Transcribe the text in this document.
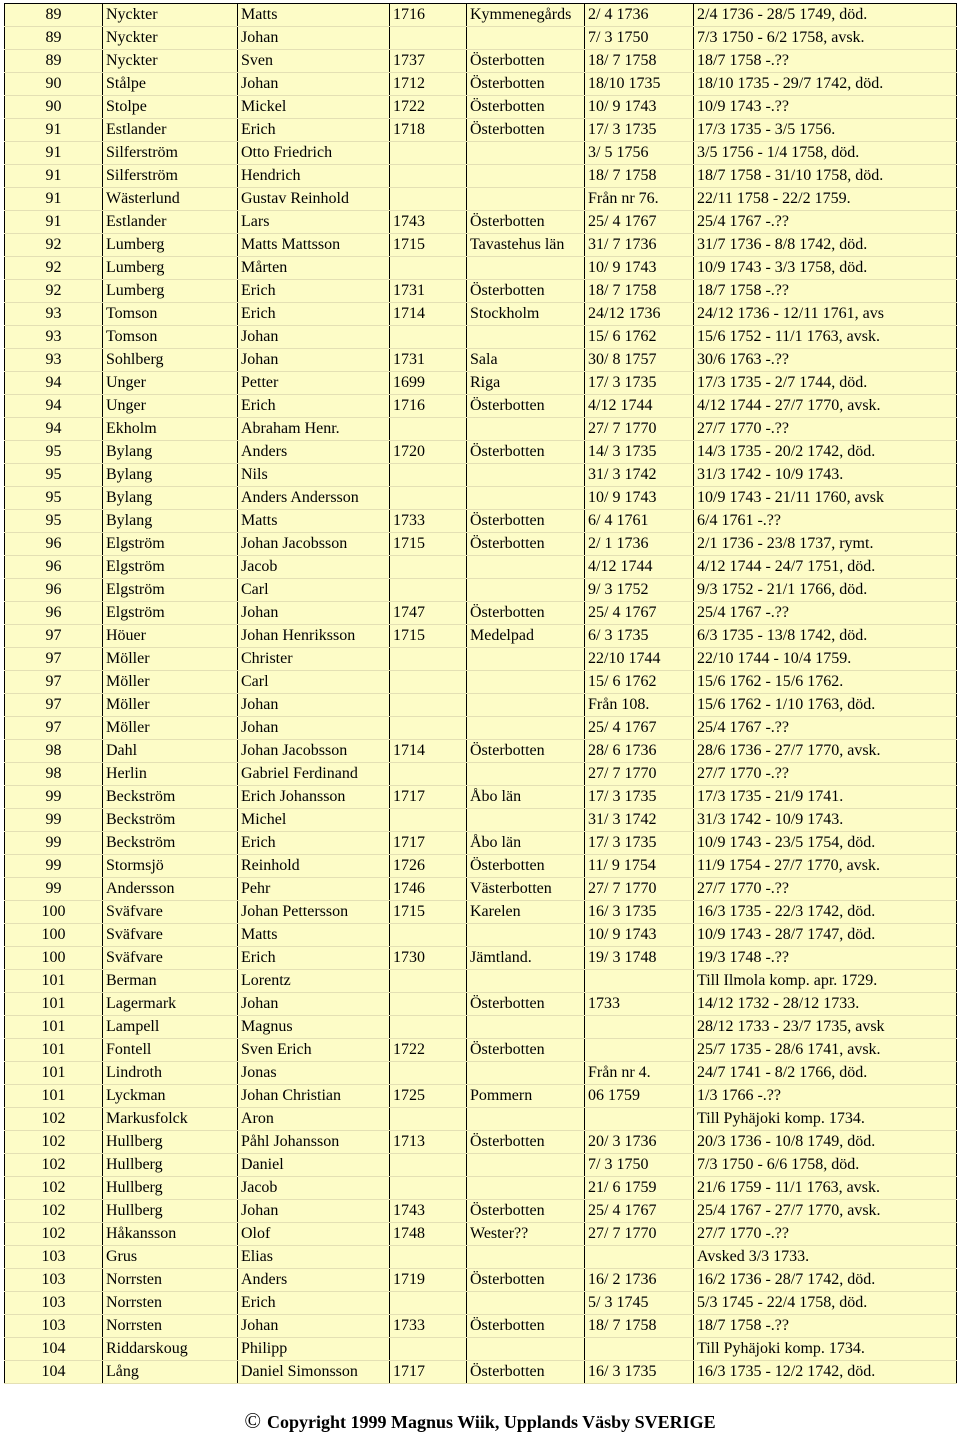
89	Nyckter	Matts	1716	Kymmenegårds	2/ 4 1736	2/4 1736 - 28/5 1749, död.
89	Nyckter	Johan			7/ 3 1750	7/3 1750 - 6/2 1758, avsk.
89	Nyckter	Sven	1737	Österbotten	18/ 7 1758	18/7 1758 -.??
90	Stålpe	Johan	1712	Österbotten	18/10 1735	18/10 1735 - 29/7 1742, död.
90	Stolpe	Mickel	1722	Österbotten	10/ 9 1743	10/9 1743 -.??
91	Estlander	Erich	1718	Österbotten	17/ 3 1735	17/3 1735 - 3/5 1756.
91	Silferström	Otto Friedrich			3/ 5 1756	3/5 1756 - 1/4 1758, död.
91	Silferström	Hendrich			18/ 7 1758	18/7 1758 - 31/10 1758, död.
91	Wästerlund	Gustav Reinhold			Från nr 76.	22/11 1758 - 22/2 1759.
91	Estlander	Lars	1743	Österbotten	25/ 4 1767	25/4 1767 -.??
92	Lumberg	Matts Mattsson	1715	Tavastehus län	31/ 7 1736	31/7 1736 - 8/8 1742, död.
92	Lumberg	Mårten			10/ 9 1743	10/9 1743 - 3/3 1758, död.
92	Lumberg	Erich	1731	Österbotten	18/ 7 1758	18/7 1758 -.??
93	Tomson	Erich	1714	Stockholm	24/12 1736	24/12 1736 - 12/11 1761, avs
93	Tomson	Johan			15/ 6 1762	15/6 1752 - 11/1 1763, avsk.
93	Sohlberg	Johan	1731	Sala	30/ 8 1757	30/6 1763 -.??
94	Unger	Petter	1699	Riga	17/ 3 1735	17/3 1735 - 2/7 1744, död.
94	Unger	Erich	1716	Österbotten	4/12 1744	4/12 1744 - 27/7 1770, avsk.
94	Ekholm	Abraham Henr.			27/ 7 1770	27/7 1770 -.??
95	Bylang	Anders	1720	Österbotten	14/ 3 1735	14/3 1735 - 20/2 1742, död.
95	Bylang	Nils			31/ 3 1742	31/3 1742 - 10/9 1743.
95	Bylang	Anders Andersson			10/ 9 1743	10/9 1743 - 21/11 1760, avsk
95	Bylang	Matts	1733	Österbotten	6/ 4 1761	6/4 1761 -.??
96	Elgström	Johan Jacobsson	1715	Österbotten	2/ 1 1736	2/1 1736 - 23/8 1737, rymt.
96	Elgström	Jacob			4/12 1744	4/12 1744 - 24/7 1751, död.
96	Elgström	Carl			9/ 3 1752	9/3 1752 - 21/1 1766, död.
96	Elgström	Johan	1747	Österbotten	25/ 4 1767	25/4 1767 -.??
97	Höuer	Johan Henriksson	1715	Medelpad	6/ 3 1735	6/3 1735 - 13/8 1742, död.
97	Möller	Christer			22/10 1744	22/10 1744 - 10/4 1759.
97	Möller	Carl			15/ 6 1762	15/6 1762 - 15/6 1762.
97	Möller	Johan			Från 108.	15/6 1762 - 1/10 1763, död.
97	Möller	Johan			25/ 4 1767	25/4 1767 -.??
98	Dahl	Johan Jacobsson	1714	Österbotten	28/ 6 1736	28/6 1736 - 27/7 1770, avsk.
98	Herlin	Gabriel Ferdinand			27/ 7 1770	27/7 1770 -.??
99	Beckström	Erich Johansson	1717	Åbo län	17/ 3 1735	17/3 1735 - 21/9 1741.
99	Beckström	Michel			31/ 3 1742	31/3 1742 - 10/9 1743.
99	Beckström	Erich	1717	Åbo län	17/ 3 1735	10/9 1743 - 23/5 1754, död.
99	Stormsjö	Reinhold	1726	Österbotten	11/ 9 1754	11/9 1754 - 27/7 1770, avsk.
99	Andersson	Pehr	1746	Västerbotten	27/ 7 1770	27/7 1770 -.??
100	Sväfvare	Johan Pettersson	1715	Karelen	16/ 3 1735	16/3 1735 - 22/3 1742, död.
100	Sväfvare	Matts			10/ 9 1743	10/9 1743 - 28/7 1747, död.
100	Sväfvare	Erich	1730	Jämtland.	19/ 3 1748	19/3 1748 -.??
101	Berman	Lorentz				Till Ilmola komp. apr. 1729.
101	Lagermark	Johan		Österbotten	1733	14/12 1732 - 28/12 1733.
101	Lampell	Magnus				28/12 1733 - 23/7 1735, avsk
101	Fontell	Sven Erich	1722	Österbotten		25/7 1735 - 28/6 1741, avsk.
101	Lindroth	Jonas			Från nr 4.	24/7 1741 - 8/2 1766, död.
101	Lyckman	Johan Christian	1725	Pommern	06 1759	1/3 1766 -.??
102	Markusfolck	Aron				Till Pyhäjoki komp. 1734.
102	Hullberg	Påhl Johansson	1713	Österbotten	20/ 3 1736	20/3 1736 - 10/8 1749, död.
102	Hullberg	Daniel			7/ 3 1750	7/3 1750 - 6/6 1758, död.
102	Hullberg	Jacob			21/ 6 1759	21/6 1759 - 11/1 1763, avsk.
102	Hullberg	Johan	1743	Österbotten	25/ 4 1767	25/4 1767 - 27/7 1770, avsk.
102	Håkansson	Olof	1748	Wester??	27/ 7 1770	27/7 1770 -.??
103	Grus	Elias				Avsked 3/3 1733.
103	Norrsten	Anders	1719	Österbotten	16/ 2 1736	16/2 1736 - 28/7 1742, död.
103	Norrsten	Erich			5/ 3 1745	5/3 1745 - 22/4 1758, död.
103	Norrsten	Johan	1733	Österbotten	18/ 7 1758	18/7 1758 -.??
104	Riddarskoug	Philipp				Till Pyhäjoki komp. 1734.
104	Lång	Daniel Simonsson	1717	Österbotten	16/ 3 1735	16/3 1735 - 12/2 1742, död.
© Copyright 1999 Magnus Wiik, Upplands Väsby SVERIGE
